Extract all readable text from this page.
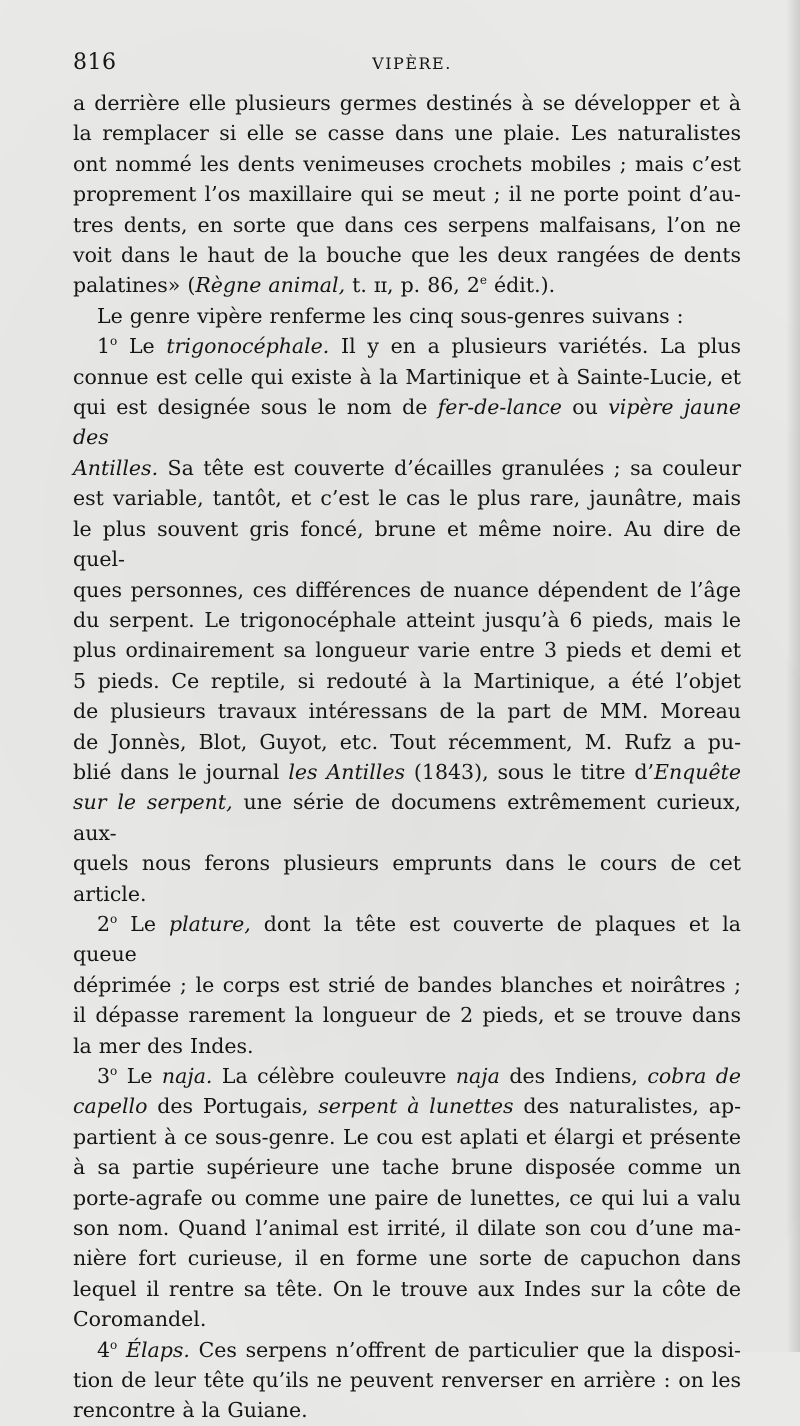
816	VIPÈRE.

a derrière elle plusieurs germes destinés à se développer et à

la remplacer si elle se casse dans une plaie. Les naturalistes

ont nommé les dents venimeuses crochets mobiles ; mais c’est

proprement l’os maxillaire qui se meut ; il ne porte point d’au-

tres dents, en sorte que dans ces serpens malfaisans, l’on ne

voit dans le haut de la bouche que les deux rangées de dents

palatines» (Règne animal, t. ɪɪ, p. 86, 2e édit.).

Le genre vipère renferme les cinq sous-genres suivans :

1$^o$ Le trigonocéphale. Il y en a plusieurs variétés. La plus

connue est celle qui existe à la Martinique et à Sainte-Lucie, et

qui est designée sous le nom de fer-de-lance ou vipère jaune des

Antilles. Sa tête est couverte d’écailles granulées ; sa couleur

est variable, tantôt, et c’est le cas le plus rare, jaunâtre, mais

le plus souvent gris foncé, brune et même noire. Au dire de quel-

ques personnes, ces différences de nuance dépendent de l’âge

du serpent. Le trigonocéphale atteint jusqu’à 6 pieds, mais le

plus ordinairement sa longueur varie entre 3 pieds et demi et

5 pieds. Ce reptile, si redouté à la Martinique, a été l’objet

de plusieurs travaux intéressans de la part de MM. Moreau

de Jonnès, Blot, Guyot, etc. Tout récemment, M. Rufz a pu-

blié dans le journal les Antilles (1843), sous le titre d’Enquête

sur le serpent, une série de documens extrêmement curieux, aux-

quels nous ferons plusieurs emprunts dans le cours de cet

article.

2$^o$ Le plature, dont la tête est couverte de plaques et la queue

déprimée ; le corps est strié de bandes blanches et noirâtres ;

il dépasse rarement la longueur de 2 pieds, et se trouve dans

la mer des Indes.

3$^o$ Le naja. La célèbre couleuvre naja des Indiens, cobra de

capello des Portugais, serpent à lunettes des naturalistes, ap-

partient à ce sous-genre. Le cou est aplati et élargi et présente

à sa partie supérieure une tache brune disposée comme un

porte-agrafe ou comme une paire de lunettes, ce qui lui a valu

son nom. Quand l’animal est irrité, il dilate son cou d’une ma-

nière fort curieuse, il en forme une sorte de capuchon dans

lequel il rentre sa tête. On le trouve aux Indes sur la côte de

Coromandel.

4$^o$ Élaps. Ces serpens n’offrent de particulier que la disposi-

tion de leur tête qu’ils ne peuvent renverser en arrière : on les

rencontre à la Guiane.
